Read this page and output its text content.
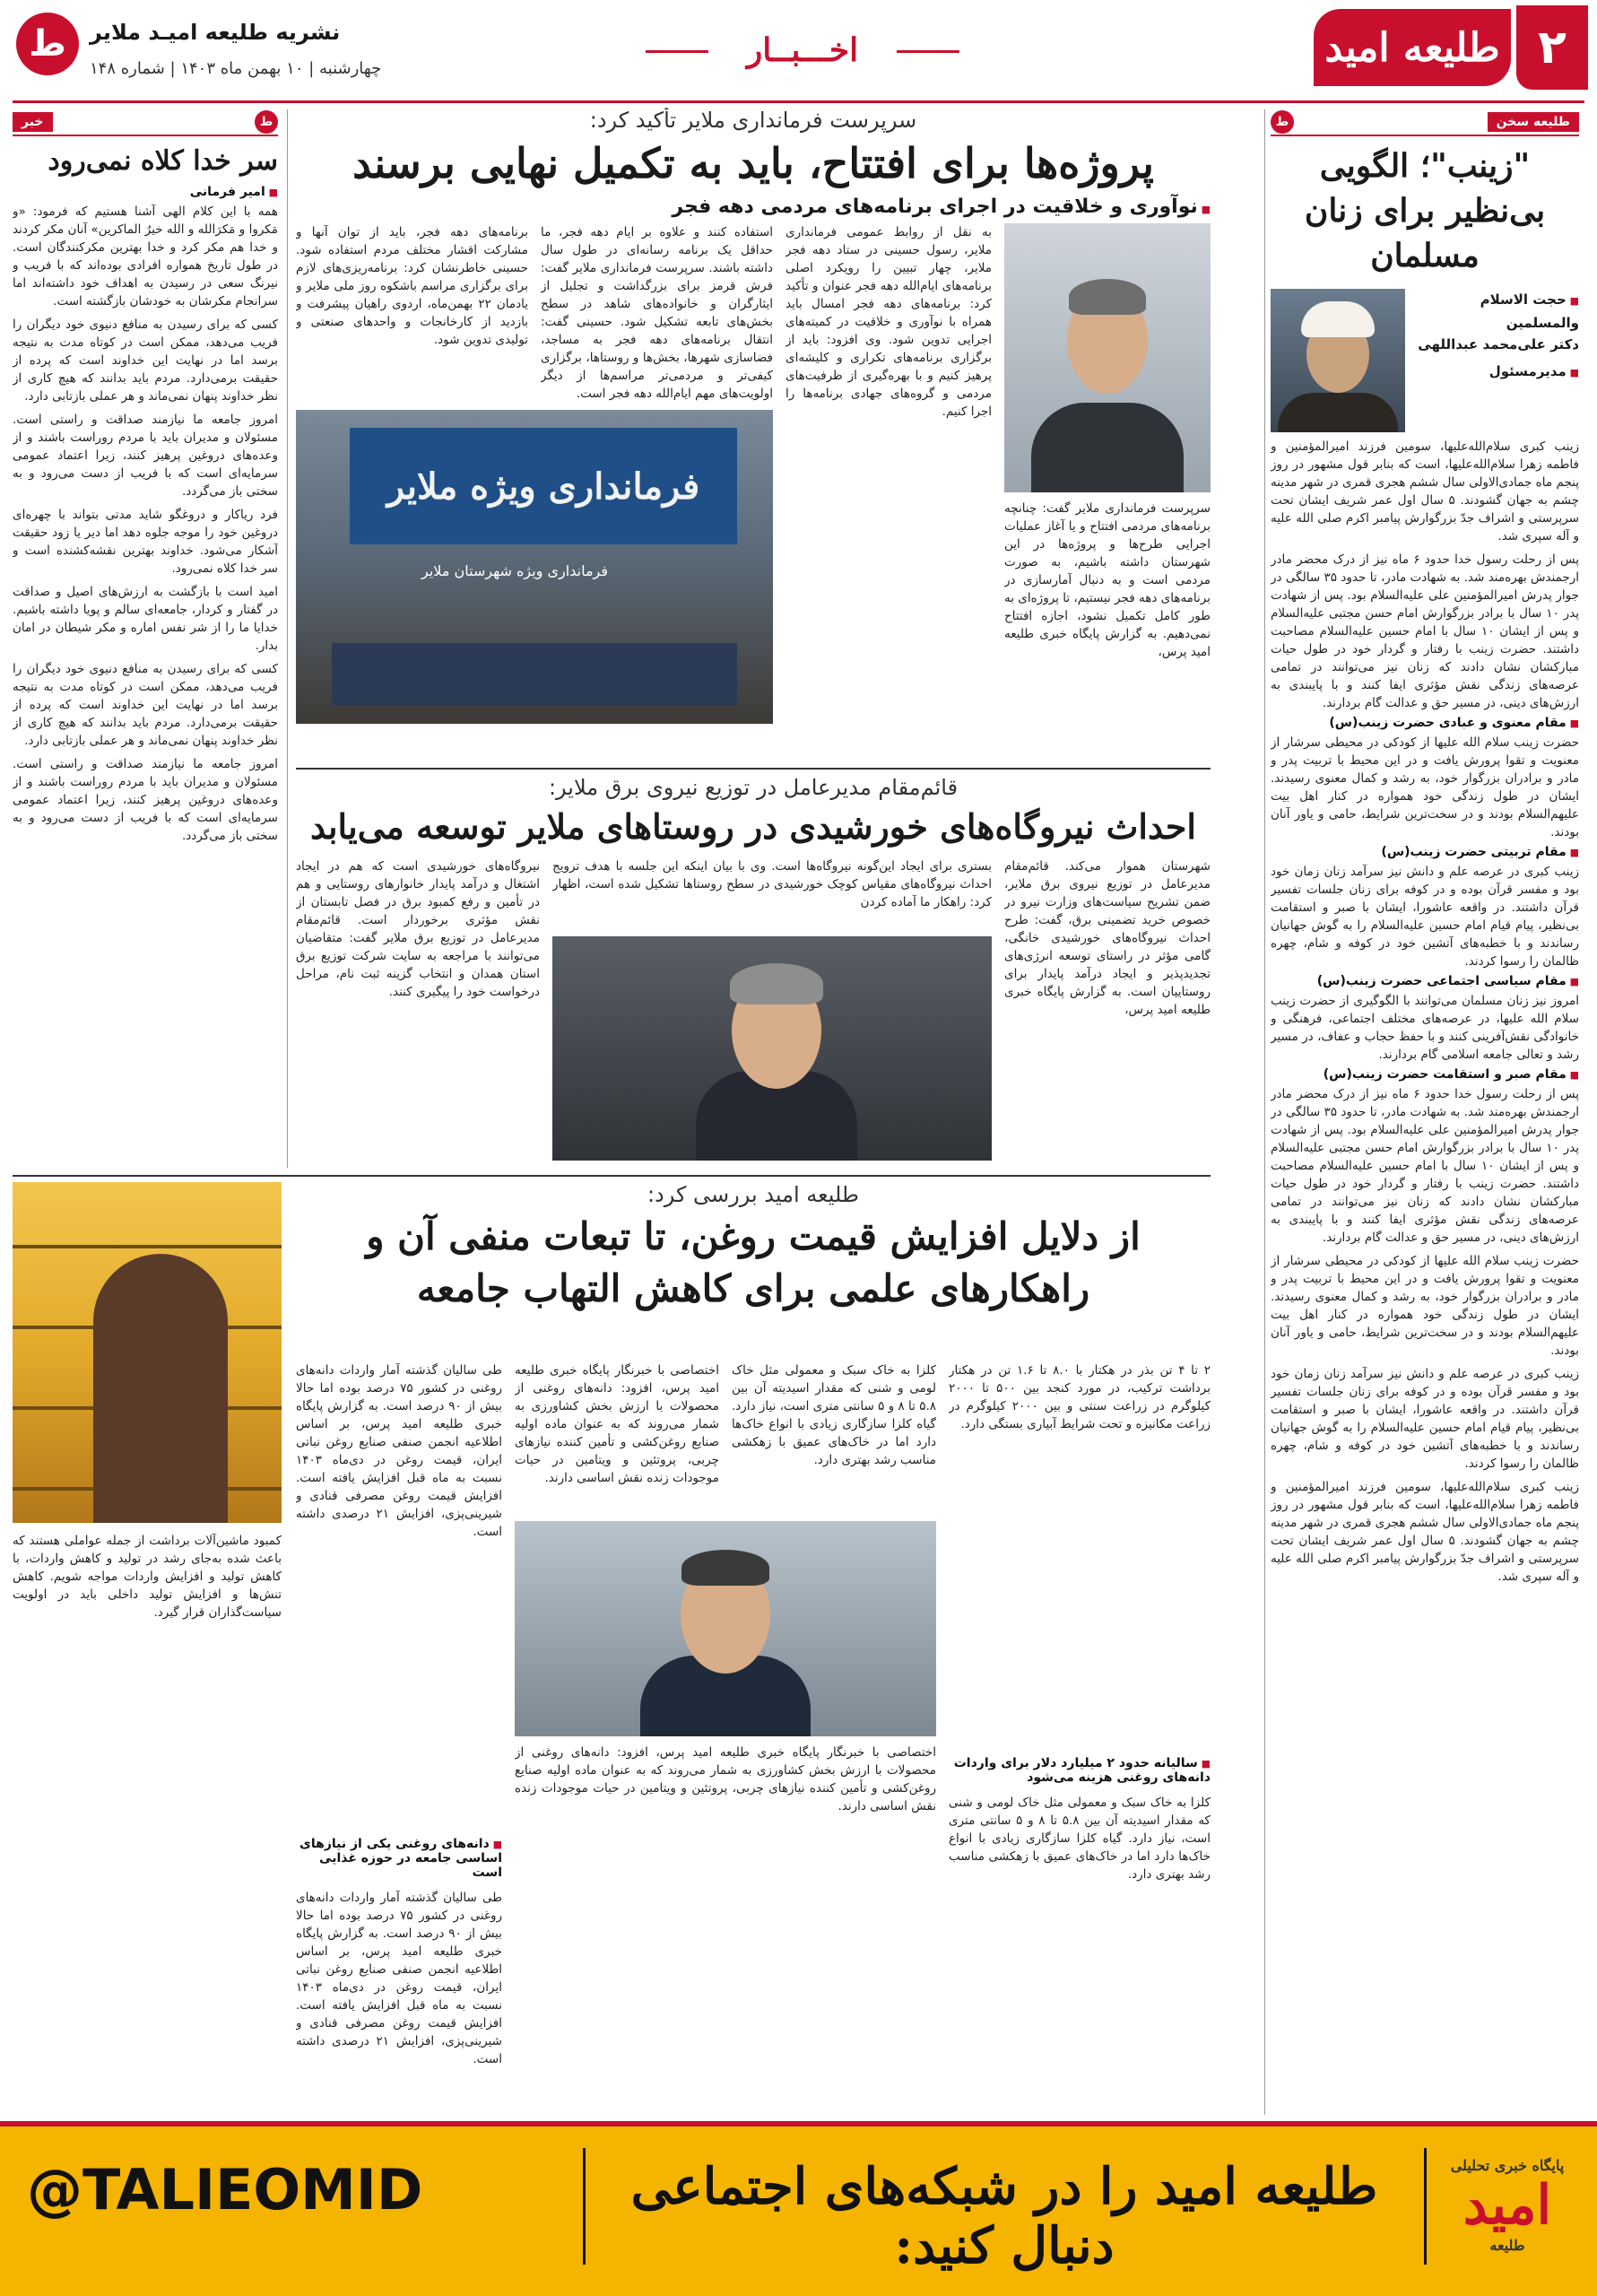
۲
طلیعه امید
اخـــبــار
نشریه طلیعه امیـد ملایر
چهارشنبه | ۱۰ بهمن ماه ۱۴۰۳ | شماره ۱۴۸
ط
طلیعه سخن
ط
"زینب"؛ الگویی بی‌نظیر برای زنان مسلمان
■ حجت الاسلام والمسلمین
دکتر علی‌محمد عبداللهی
■ مدیرمسئول

زینب کبری سلام‌الله‌علیها، سومین فرزند امیرالمؤمنین و فاطمه زهرا سلام‌الله‌علیها، است که بنابر قول مشهور در روز پنجم ماه جمادی‌الاولی سال ششم هجری قمری در شهر مدینه چشم به جهان گشودند. ۵ سال اول عمر شریف ایشان تحت سرپرستی و اشراف جدّ بزرگوارش پیامبر اکرم صلی الله علیه و آله سپری شد.

پس از رحلت رسول خدا حدود ۶ ماه نیز از درک محضر مادر ارجمندش بهره‌مند شد. به شهادت مادر، تا حدود ۳۵ سالگی در جوار پدرش امیرالمؤمنین علی علیه‌السلام بود. پس از شهادت پدر ۱۰ سال با برادر بزرگوارش امام حسن مجتبی علیه‌السلام و پس از ایشان ۱۰ سال با امام حسین علیه‌السلام مصاحبت داشتند. حضرت زینب با رفتار و گردار خود در طول حیات مبارکشان نشان دادند که زنان نیز می‌توانند در تمامی عرصه‌های زندگی نقش مؤثری ایفا کنند و با پایبندی به ارزش‌های دینی، در مسیر حق و عدالت گام بردارند.

■ مقام معنوی و عبادی حضرت زینب(س)

حضرت زینب سلام الله علیها از کودکی در محیطی سرشار از معنویت و تقوا پرورش یافت و در این محیط با تربیت پدر و مادر و برادران بزرگوار خود، به رشد و کمال معنوی رسیدند. ایشان در طول زندگی خود همواره در کنار اهل بیت علیهم‌السلام بودند و در سخت‌ترین شرایط، حامی و یاور آنان بودند.

■ مقام تربیتی حضرت زینب(س)

زینب کبری در عرصه علم و دانش نیز سرآمد زنان زمان خود بود و مفسر قرآن بوده و در کوفه برای زنان جلسات تفسیر قرآن داشتند. در واقعه عاشورا، ایشان با صبر و استقامت بی‌نظیر، پیام قیام امام حسین علیه‌السلام را به گوش جهانیان رساندند و با خطبه‌های آتشین خود در کوفه و شام، چهره ظالمان را رسوا کردند.

■ مقام سیاسی اجتماعی حضرت زینب(س)

امروز نیز زنان مسلمان می‌توانند با الگوگیری از حضرت زینب سلام الله علیها، در عرصه‌های مختلف اجتماعی، فرهنگی و خانوادگی نقش‌آفرینی کنند و با حفظ حجاب و عفاف، در مسیر رشد و تعالی جامعه اسلامی گام بردارند.

■ مقام صبر و استقامت حضرت زینب(س)

پس از رحلت رسول خدا حدود ۶ ماه نیز از درک محضر مادر ارجمندش بهره‌مند شد. به شهادت مادر، تا حدود ۳۵ سالگی در جوار پدرش امیرالمؤمنین علی علیه‌السلام بود. پس از شهادت پدر ۱۰ سال با برادر بزرگوارش امام حسن مجتبی علیه‌السلام و پس از ایشان ۱۰ سال با امام حسین علیه‌السلام مصاحبت داشتند. حضرت زینب با رفتار و گردار خود در طول حیات مبارکشان نشان دادند که زنان نیز می‌توانند در تمامی عرصه‌های زندگی نقش مؤثری ایفا کنند و با پایبندی به ارزش‌های دینی، در مسیر حق و عدالت گام بردارند.

حضرت زینب سلام الله علیها از کودکی در محیطی سرشار از معنویت و تقوا پرورش یافت و در این محیط با تربیت پدر و مادر و برادران بزرگوار خود، به رشد و کمال معنوی رسیدند. ایشان در طول زندگی خود همواره در کنار اهل بیت علیهم‌السلام بودند و در سخت‌ترین شرایط، حامی و یاور آنان بودند.

زینب کبری در عرصه علم و دانش نیز سرآمد زنان زمان خود بود و مفسر قرآن بوده و در کوفه برای زنان جلسات تفسیر قرآن داشتند. در واقعه عاشورا، ایشان با صبر و استقامت بی‌نظیر، پیام قیام امام حسین علیه‌السلام را به گوش جهانیان رساندند و با خطبه‌های آتشین خود در کوفه و شام، چهره ظالمان را رسوا کردند.

زینب کبری سلام‌الله‌علیها، سومین فرزند امیرالمؤمنین و فاطمه زهرا سلام‌الله‌علیها، است که بنابر قول مشهور در روز پنجم ماه جمادی‌الاولی سال ششم هجری قمری در شهر مدینه چشم به جهان گشودند. ۵ سال اول عمر شریف ایشان تحت سرپرستی و اشراف جدّ بزرگوارش پیامبر اکرم صلی الله علیه و آله سپری شد.

ط
خبر
سر خدا کلاه نمی‌رود
■ امیر فرمانی

همه با این کلام الهی آشنا هستیم که فرمود: «و مَکروا و مَکرَالله و الله خیرُ الماکرین» آنان مکر کردند و خدا هم مکر کرد و خدا بهترین مکرکنندگان است. در طول تاریخ همواره افرادی بوده‌اند که با فریب و نیرنگ سعی در رسیدن به اهداف خود داشته‌اند اما سرانجام مکرشان به خودشان بازگشته است.

کسی که برای رسیدن به منافع دنیوی خود دیگران را فریب می‌دهد، ممکن است در کوتاه مدت به نتیجه برسد اما در نهایت این خداوند است که پرده از حقیقت برمی‌دارد. مردم باید بدانند که هیچ کاری از نظر خداوند پنهان نمی‌ماند و هر عملی بازتابی دارد.

امروز جامعه ما نیازمند صداقت و راستی است. مسئولان و مدیران باید با مردم روراست باشند و از وعده‌های دروغین پرهیز کنند، زیرا اعتماد عمومی سرمایه‌ای است که با فریب از دست می‌رود و به سختی باز می‌گردد.

فرد ریاکار و دروغگو شاید مدتی بتواند با چهره‌ای دروغین خود را موجه جلوه دهد اما دیر یا زود حقیقت آشکار می‌شود. خداوند بهترین نقشه‌کشنده است و سر خدا کلاه نمی‌رود.

امید است با بازگشت به ارزش‌های اصیل و صداقت در گفتار و کردار، جامعه‌ای سالم و پویا داشته باشیم. خدایا ما را از شر نفس اماره و مکر شیطان در امان بدار.

کسی که برای رسیدن به منافع دنیوی خود دیگران را فریب می‌دهد، ممکن است در کوتاه مدت به نتیجه برسد اما در نهایت این خداوند است که پرده از حقیقت برمی‌دارد. مردم باید بدانند که هیچ کاری از نظر خداوند پنهان نمی‌ماند و هر عملی بازتابی دارد.

امروز جامعه ما نیازمند صداقت و راستی است. مسئولان و مدیران باید با مردم روراست باشند و از وعده‌های دروغین پرهیز کنند، زیرا اعتماد عمومی سرمایه‌ای است که با فریب از دست می‌رود و به سختی باز می‌گردد.

سرپرست فرمانداری ملایر تأکید کرد:
پروژه‌ها برای افتتاح، باید به تکمیل نهایی برسند
■ نوآوری و خلاقیت در اجرای برنامه‌های مردمی دهه فجر

سرپرست فرمانداری ملایر گفت: چنانچه برنامه‌های مردمی افتتاح و یا آغاز عملیات اجرایی طرح‌ها و پروژه‌ها در این شهرستان داشته باشیم، به صورت مردمی است و به دنبال آمارسازی در برنامه‌های دهه فجر نیستیم، تا پروژه‌ای به طور کامل تکمیل نشود، اجازه افتتاح نمی‌دهیم. به گزارش پایگاه خبری طلیعه امید پرس،

به نقل از روابط عمومی فرمانداری ملایر، رسول حسینی در ستاد دهه فجر ملایر، چهار تبیین را رویکرد اصلی برنامه‌های ایام‌الله دهه فجر عنوان و تأکید کرد: برنامه‌های دهه فجر امسال باید همراه با نوآوری و خلاقیت در کمیته‌های اجرایی تدوین شود. وی افزود: باید از برگزاری برنامه‌های تکراری و کلیشه‌ای پرهیز کنیم و با بهره‌گیری از ظرفیت‌های مردمی و گروه‌های جهادی برنامه‌ها را اجرا کنیم.

استفاده کنند و علاوه بر ایام دهه فجر، ما حداقل یک برنامه رسانه‌ای در طول سال داشته باشند. سرپرست فرمانداری ملایر گفت: فرش قرمز برای بزرگداشت و تجلیل از ایثارگران و خانواده‌های شاهد در سطح بخش‌های تابعه تشکیل شود. حسینی گفت: انتقال برنامه‌های دهه فجر به مساجد، فضاسازی شهرها، بخش‌ها و روستاها، برگزاری کیفی‌تر و مردمی‌تر مراسم‌ها از دیگر اولویت‌های مهم ایام‌الله دهه فجر است.

برنامه‌های دهه فجر، باید از توان آنها و مشارکت اقشار مختلف مردم استفاده شود. حسینی خاطرنشان کرد: برنامه‌ریزی‌های لازم برای برگزاری مراسم باشکوه روز ملی ملایر و یادمان ۲۲ بهمن‌ماه، اردوی راهیان پیشرفت و بازدید از کارخانجات و واحدهای صنعتی و تولیدی تدوین شود.

فرمانداری ویژه ملایر
فرمانداری ویژه شهرستان ملایر
قائم‌مقام مدیرعامل در توزیع نیروی برق ملایر:
احداث نیروگاه‌های خورشیدی در روستاهای ملایر توسعه می‌یابد

شهرستان هموار می‌کند. قائم‌مقام مدیرعامل در توزیع نیروی برق ملایر، ضمن تشریح سیاست‌های وزارت نیرو در خصوص خرید تضمینی برق، گفت: طرح احداث نیروگاه‌های خورشیدی خانگی، گامی مؤثر در راستای توسعه انرژی‌های تجدیدپذیر و ایجاد درآمد پایدار برای روستاییان است. به گزارش پایگاه خبری طلیعه امید پرس،

بستری برای ایجاد این‌گونه نیروگاه‌ها است. وی با بیان اینکه این جلسه با هدف ترویج احداث نیروگاه‌های مقیاس کوچک خورشیدی در سطح روستاها تشکیل شده است، اظهار کرد: راهکار ما آماده کردن

نیروگاه‌های خورشیدی است که هم در ایجاد اشتغال و درآمد پایدار خانوارهای روستایی و هم در تأمین و رفع کمبود برق در فصل تابستان از نقش مؤثری برخوردار است. قائم‌مقام مدیرعامل در توزیع برق ملایر گفت: متقاضیان می‌توانند با مراجعه به سایت شرکت توزیع برق استان همدان و انتخاب گزینه ثبت نام، مراحل درخواست خود را پیگیری کنند.

طلیعه امید بررسی کرد:
از دلایل افزایش قیمت روغن، تا تبعات منفی آن و راهکارهای علمی برای کاهش التهاب جامعه

کمبود ماشین‌آلات برداشت از جمله عواملی هستند که باعث شده به‌جای رشد در تولید و کاهش واردات، با کاهش تولید و افزایش واردات مواجه شویم. کاهش تنش‌ها و افزایش تولید داخلی باید در اولویت سیاست‌گذاران قرار گیرد.

۲ تا ۴ تن بذر در هکتار با ۸.۰ تا ۱.۶ تن در هکتار برداشت ترکیب، در مورد کنجد بین ۵۰۰ تا ۲۰۰۰ کیلوگرم در زراعت سنتی و بین ۲۰۰۰ کیلوگرم در زراعت مکانیزه و تحت شرایط آبیاری بستگی دارد.

■ سالیانه حدود ۲ میلیارد دلار برای واردات دانه‌های روغنی هزینه می‌شود

کلزا به خاک سبک و معمولی مثل خاک لومی و شنی که مقدار اسیدیته آن بین ۵.۸ تا ۸ و ۵ سانتی متری است، نیاز دارد. گیاه کلزا سازگاری زیادی با انواع خاک‌ها دارد اما در خاک‌های عمیق با زهکشی مناسب رشد بهتری دارد.

کلزا به خاک سبک و معمولی مثل خاک لومی و شنی که مقدار اسیدیته آن بین ۵.۸ تا ۸ و ۵ سانتی متری است، نیاز دارد. گیاه کلزا سازگاری زیادی با انواع خاک‌ها دارد اما در خاک‌های عمیق با زهکشی مناسب رشد بهتری دارد.

اختصاصی با خبرنگار پایگاه خبری طلیعه امید پرس، افزود: دانه‌های روغنی از محصولات با ارزش بخش کشاورزی به شمار می‌روند که به عنوان ماده اولیه صنایع روغن‌کشی و تأمین کننده نیازهای چربی، پروتئین و ویتامین در حیات موجودات زنده نقش اساسی دارند.

اختصاصی با خبرنگار پایگاه خبری طلیعه امید پرس، افزود: دانه‌های روغنی از محصولات با ارزش بخش کشاورزی به شمار می‌روند که به عنوان ماده اولیه صنایع روغن‌کشی و تأمین کننده نیازهای چربی، پروتئین و ویتامین در حیات موجودات زنده نقش اساسی دارند.

طی سالیان گذشته آمار واردات دانه‌های روغنی در کشور ۷۵ درصد بوده اما حالا بیش از ۹۰ درصد است. به گزارش پایگاه خبری طلیعه امید پرس، بر اساس اطلاعیه انجمن صنفی صنایع روغن نباتی ایران، قیمت روغن در دی‌ماه ۱۴۰۳ نسبت به ماه قبل افزایش یافته است. افزایش قیمت روغن مصرفی قنادی و شیرینی‌پزی، افزایش ۲۱ درصدی داشته است.

■ دانه‌های روغنی یکی از نیازهای اساسی جامعه در حوزه غذایی است

طی سالیان گذشته آمار واردات دانه‌های روغنی در کشور ۷۵ درصد بوده اما حالا بیش از ۹۰ درصد است. به گزارش پایگاه خبری طلیعه امید پرس، بر اساس اطلاعیه انجمن صنفی صنایع روغن نباتی ایران، قیمت روغن در دی‌ماه ۱۴۰۳ نسبت به ماه قبل افزایش یافته است. افزایش قیمت روغن مصرفی قنادی و شیرینی‌پزی، افزایش ۲۱ درصدی داشته است.

پایگاه خبری تحلیلی
امید
طلیعه
طلیعه امید را در شبکه‌های اجتماعی دنبال کنید:
@TALIEOMID
